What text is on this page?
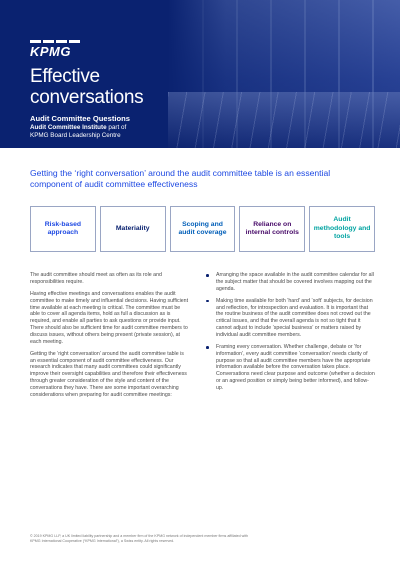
KPMG
Effective
conversations
Audit Committee Questions
Audit Committee Institute part of
KPMG Board Leadership Centre
Getting the ‘right conversation’ around the audit committee table is an essential component of audit committee effectiveness
Risk-based approach
Materiality
Scoping and audit coverage
Reliance on internal controls
Audit methodology and tools

The audit committee should meet as often as its role and responsibilities require.

Having effective meetings and conversations enables the audit committee to make timely and influential decisions. Having sufficient time available at each meeting is critical. The committee must be able to cover all agenda items, hold as full a discussion as is required, and enable all parties to ask questions or provide input. There should also be sufficient time for audit committee members to discuss issues, without others being present (private session), at each meeting.

Getting the ‘right conversation’ around the audit committee table is an essential component of audit committee effectiveness. Our research indicates that many audit committees could significantly improve their oversight capabilities and therefore their effectiveness through greater consideration of the style and content of the conversations they have. There are some important overarching considerations when preparing for audit committee meetings:

Arranging the space available in the audit committee calendar for all the subject matter that should be covered involves mapping out the agenda.
Making time available for both ‘hard’ and ‘soft’ subjects, for decision and reflection, for introspection and evaluation. It is important that the routine business of the audit committee does not crowd out the critical issues, and that the overall agenda is not so tight that it cannot adjust to include ‘special business’ or matters raised by individual audit committee members.
Framing every conversation. Whether challenge, debate or ‘for information’, every audit committee ‘conversation’ needs clarity of purpose so that all audit committee members have the appropriate information available before the conversation takes place. Conversations need clear purpose and outcome (whether a decision or an agreed position or simply being better informed), and follow-up.
© 2019 KPMG LLP, a UK limited liability partnership and a member firm of the KPMG network of independent member firms affiliated with
KPMG International Cooperative (“KPMG International”), a Swiss entity. All rights reserved.
